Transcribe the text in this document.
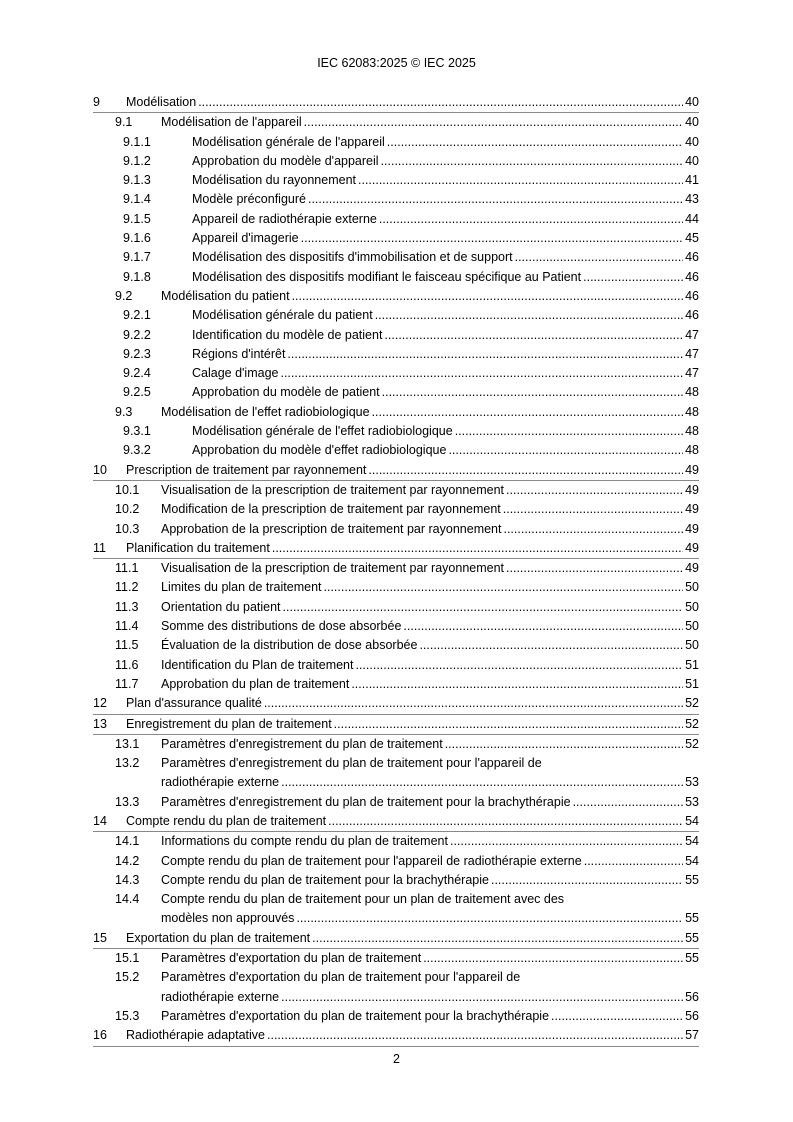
IEC 62083:2025 © IEC 2025
9 Modélisation .....	40
9.1 Modélisation de l'appareil .....	40
9.1.1	Modélisation générale de l'appareil .....	40
9.1.2	Approbation du modèle d'appareil .....	40
9.1.3	Modélisation du rayonnement .....	41
9.1.4	Modèle préconfiguré .....	43
9.1.5	Appareil de radiothérapie externe .....	44
9.1.6	Appareil d'imagerie .....	45
9.1.7	Modélisation des dispositifs d'immobilisation et de support .....	46
9.1.8	Modélisation des dispositifs modifiant le faisceau spécifique au Patient .....	46
9.2 Modélisation du patient .....	46
9.2.1	Modélisation générale du patient .....	46
9.2.2	Identification du modèle de patient .....	47
9.2.3	Régions d'intérêt .....	47
9.2.4	Calage d'image .....	47
9.2.5	Approbation du modèle de patient .....	48
9.3 Modélisation de l'effet radiobiologique .....	48
9.3.1	Modélisation générale de l'effet radiobiologique .....	48
9.3.2	Approbation du modèle d'effet radiobiologique .....	48
10 Prescription de traitement par rayonnement .....	49
10.1 Visualisation de la prescription de traitement par rayonnement .....	49
10.2 Modification de la prescription de traitement par rayonnement .....	49
10.3 Approbation de la prescription de traitement par rayonnement .....	49
11 Planification du traitement .....	49
11.1 Visualisation de la prescription de traitement par rayonnement .....	49
11.2 Limites du plan de traitement .....	50
11.3 Orientation du patient .....	50
11.4 Somme des distributions de dose absorbée .....	50
11.5 Évaluation de la distribution de dose absorbée .....	50
11.6 Identification du Plan de traitement .....	51
11.7 Approbation du plan de traitement .....	51
12 Plan d'assurance qualité .....	52
13 Enregistrement du plan de traitement .....	52
13.1 Paramètres d'enregistrement du plan de traitement .....	52
13.2 Paramètres d'enregistrement du plan de traitement pour l'appareil de
radiothérapie externe .....	53
13.3 Paramètres d'enregistrement du plan de traitement pour la brachythérapie .....	53
14 Compte rendu du plan de traitement .....	54
14.1 Informations du compte rendu du plan de traitement .....	54
14.2 Compte rendu du plan de traitement pour l'appareil de radiothérapie externe .....	54
14.3 Compte rendu du plan de traitement pour la brachythérapie .....	55
14.4 Compte rendu du plan de traitement pour un plan de traitement avec des
modèles non approuvés .....	55
15 Exportation du plan de traitement .....	55
15.1 Paramètres d'exportation du plan de traitement .....	55
15.2 Paramètres d'exportation du plan de traitement pour l'appareil de
radiothérapie externe .....	56
15.3 Paramètres d'exportation du plan de traitement pour la brachythérapie .....	56
16 Radiothérapie adaptative .....	57
2
